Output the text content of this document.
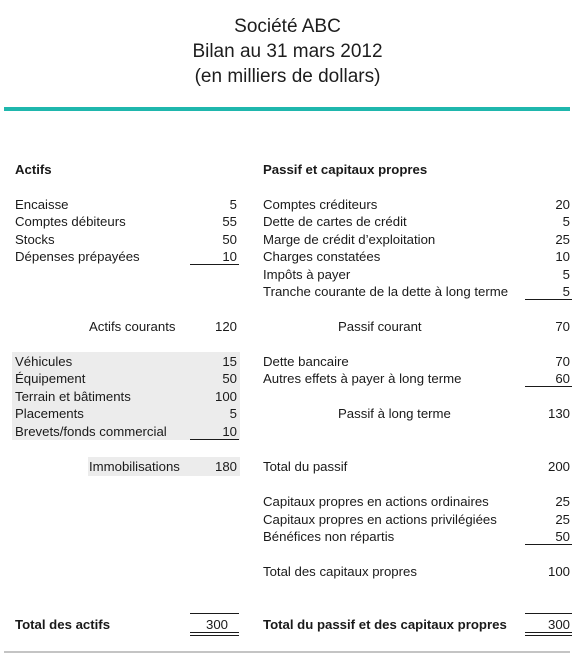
Société ABC
Bilan au 31 mars 2012
(en milliers de dollars)
Actifs
Encaisse	5
Comptes débiteurs	55
Stocks	50
Dépenses prépayées	10
Actifs courants	120
Véhicules	15
Équipement	50
Terrain et bâtiments	100
Placements	5
Brevets/fonds commercial	10
Immobilisations	180
Total des actifs	300
Passif et capitaux propres
Comptes créditeurs	20
Dette de cartes de crédit	5
Marge de crédit d’exploitation	25
Charges constatées	10
Impôts à payer	5
Tranche courante de la dette à long terme	5
Passif courant	70
Dette bancaire	70
Autres effets à payer à long terme	60
Passif à long terme	130
Total du passif	200
Capitaux propres en actions ordinaires	25
Capitaux propres en actions privilégiées	25
Bénéfices non répartis	50
Total des capitaux propres	100
Total du passif et des capitaux propres	300
